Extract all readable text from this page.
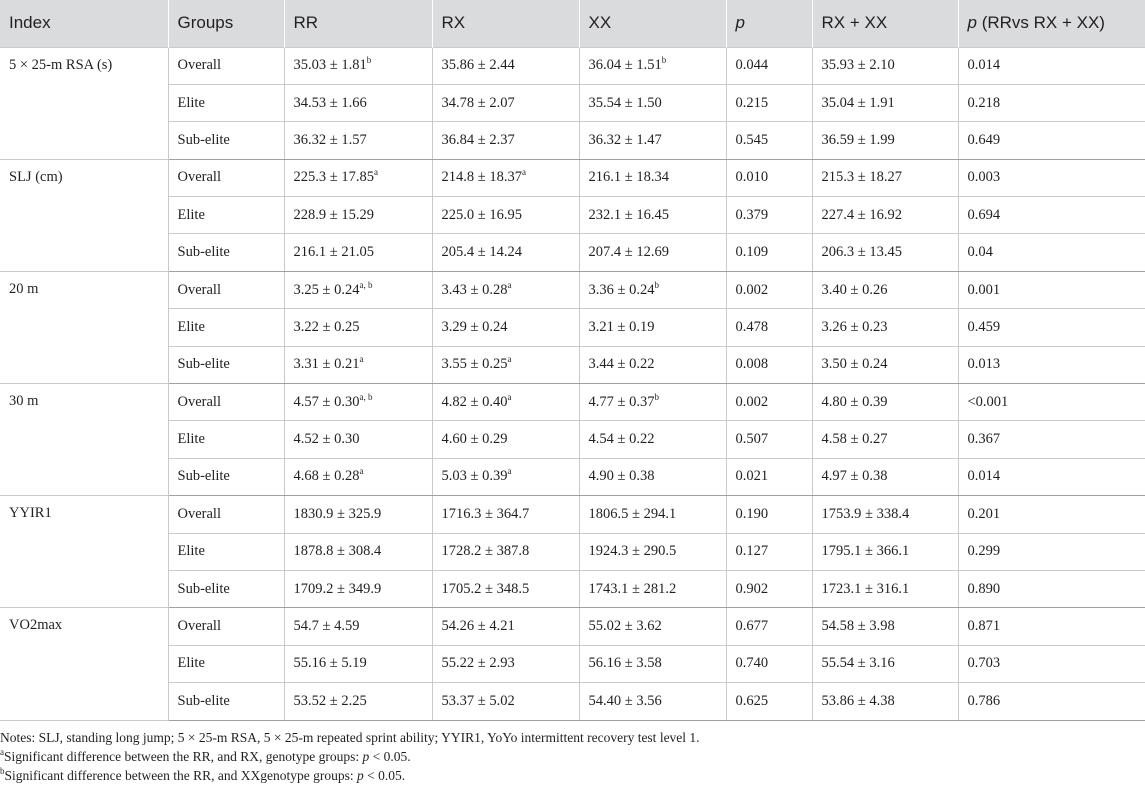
Index	Groups	RR	RX	XX	p	RX + XX	p (RRvs RX + XX)
5 × 25-m RSA (s)	Overall	35.03 ± 1.81$^b$	35.86 ± 2.44	36.04 ± 1.51$^b$	0.044	35.93 ± 2.10	0.014
	Elite	34.53 ± 1.66	34.78 ± 2.07	35.54 ± 1.50	0.215	35.04 ± 1.91	0.218
	Sub-elite	36.32 ± 1.57	36.84 ± 2.37	36.32 ± 1.47	0.545	36.59 ± 1.99	0.649
SLJ (cm)	Overall	225.3 ± 17.85$^a$	214.8 ± 18.37$^a$	216.1 ± 18.34	0.010	215.3 ± 18.27	0.003
	Elite	228.9 ± 15.29	225.0 ± 16.95	232.1 ± 16.45	0.379	227.4 ± 16.92	0.694
	Sub-elite	216.1 ± 21.05	205.4 ± 14.24	207.4 ± 12.69	0.109	206.3 ± 13.45	0.04
20 m	Overall	$3.25 \pm 0.24^{a, b}$	3.43 ± 0.28$^a$	3.36 ± 0.24$^b$	0.002	3.40 ± 0.26	0.001
	Elite	3.22 ± 0.25	3.29 ± 0.24	3.21 ± 0.19	0.478	3.26 ± 0.23	0.459
	Sub-elite	3.31 ± 0.21$^a$	3.55 ± 0.25$^a$	3.44 ± 0.22	0.008	3.50 ± 0.24	0.013
30 m	Overall	$4.57 \pm 0.30^{a, b}$	4.82 ± 0.40$^a$	4.77 ± 0.37$^b$	0.002	4.80 ± 0.39	<0.001
	Elite	4.52 ± 0.30	4.60 ± 0.29	4.54 ± 0.22	0.507	4.58 ± 0.27	0.367
	Sub-elite	4.68 ± 0.28$^a$	5.03 ± 0.39$^a$	4.90 ± 0.38	0.021	4.97 ± 0.38	0.014
YYIR1	Overall	1830.9 ± 325.9	1716.3 ± 364.7	1806.5 ± 294.1	0.190	1753.9 ± 338.4	0.201
	Elite	1878.8 ± 308.4	1728.2 ± 387.8	1924.3 ± 290.5	0.127	1795.1 ± 366.1	0.299
	Sub-elite	1709.2 ± 349.9	1705.2 ± 348.5	1743.1 ± 281.2	0.902	1723.1 ± 316.1	0.890
VO2max	Overall	54.7 ± 4.59	54.26 ± 4.21	55.02 ± 3.62	0.677	54.58 ± 3.98	0.871
	Elite	55.16 ± 5.19	55.22 ± 2.93	56.16 ± 3.58	0.740	55.54 ± 3.16	0.703
	Sub-elite	53.52 ± 2.25	53.37 ± 5.02	54.40 ± 3.56	0.625	53.86 ± 4.38	0.786
Notes: SLJ, standing long jump; 5 × 25-m RSA, 5 × 25-m repeated sprint ability; YYIR1, YoYo intermittent recovery test level 1.
$^a$Significant difference between the RR, and RX, genotype groups: p < 0.05.
$^b$Significant difference between the RR, and XXgenotype groups: p < 0.05.
